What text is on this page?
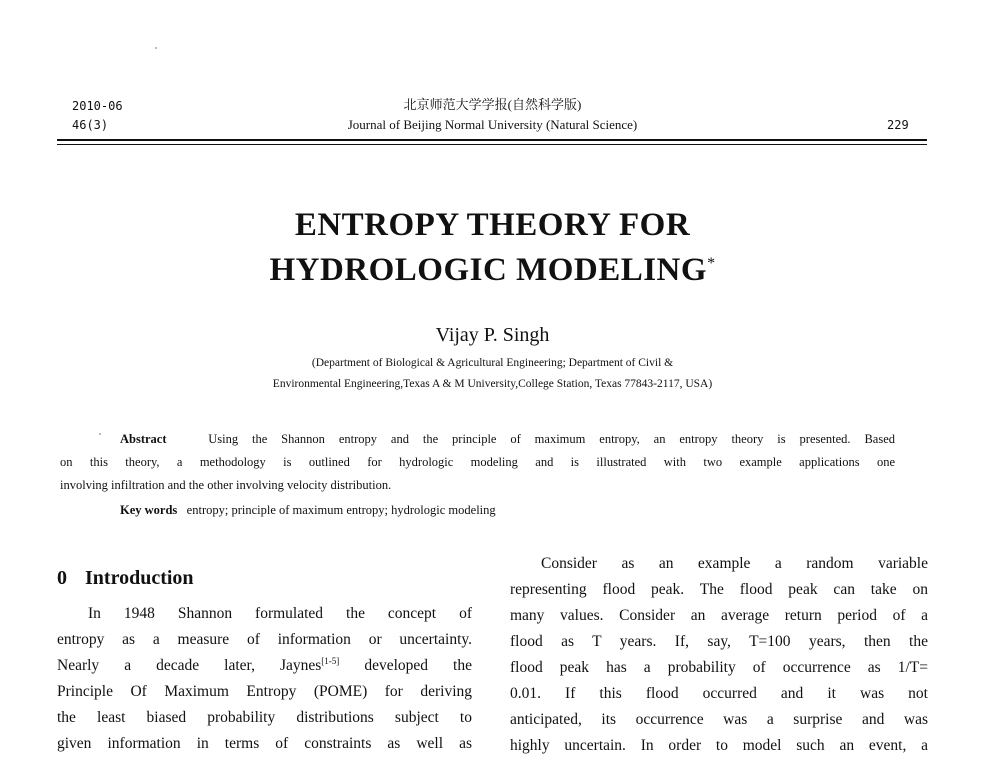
2010-06
46(3)
北京师范大学学报(自然科学版)
Journal of Beijing Normal University (Natural Science)	229
ENTROPY THEORY FOR
HYDROLOGIC MODELING*
Vijay P. Singh
(Department of Biological & Agricultural Engineering; Department of Civil &
Environmental Engineering,Texas A & M University,College Station, Texas 77843-2117, USA)
Abstract	Using the Shannon entropy and the principle of maximum entropy, an entropy theory is presented. Based
on this theory, a methodology is outlined for hydrologic modeling and is illustrated with two example applications one
involving infiltration and the other involving velocity distribution.
Key words entropy; principle of maximum entropy; hydrologic modeling
0 Introduction
In 1948 Shannon formulated the concept of
entropy as a measure of information or uncertainty.
Nearly a decade later, Jaynes[1-5] developed the
Principle Of Maximum Entropy (POME) for deriving
the least biased probability distributions subject to
given information in terms of constraints as well as
Consider as an example a random variable
representing flood peak. The flood peak can take on
many values. Consider an average return period of a
flood as T years. If, say, T=100 years, then the
flood peak has a probability of occurrence as 1/T=
0.01. If this flood occurred and it was not
anticipated, its occurrence was a surprise and was
highly uncertain. In order to model such an event, a
